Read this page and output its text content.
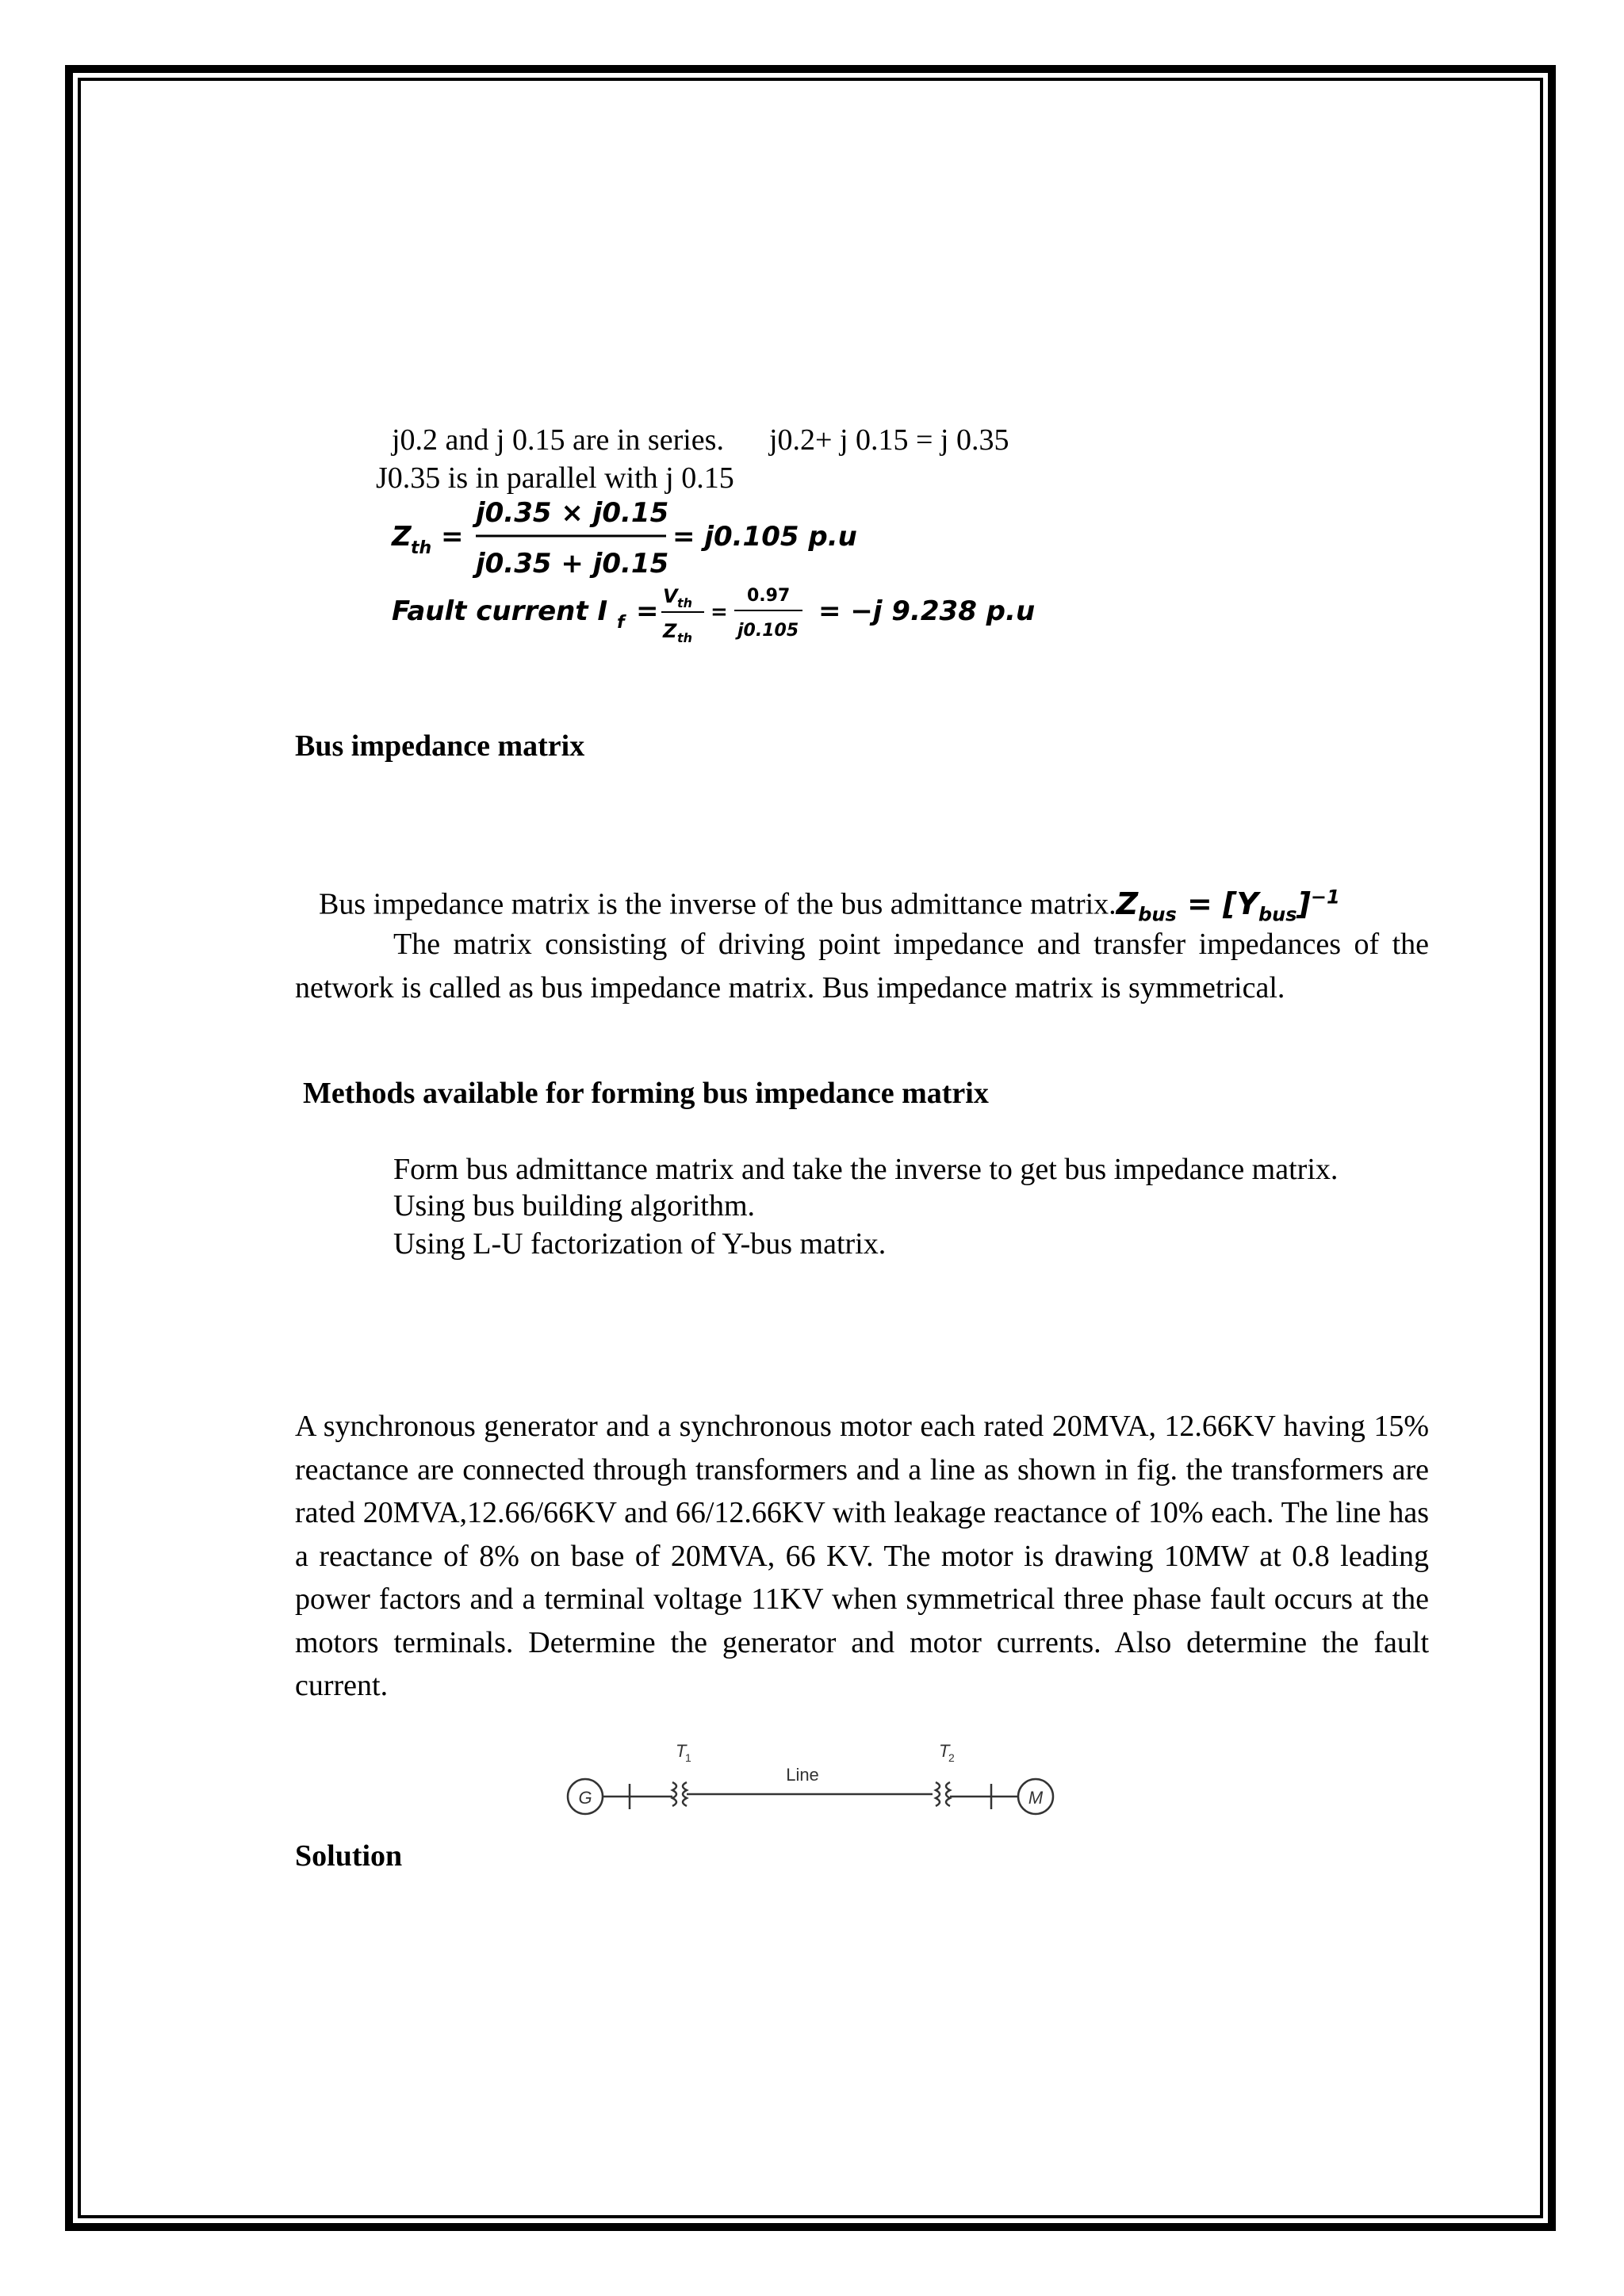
j0.2 and j 0.15 are in series. j0.2+ j 0.15 = j 0.35
J0.35 is in parallel with j 0.15
Z th =
j0.35 × j0.15
j0.35 + j0.15
= j0.105 p.u
Fault current I f = V th
Z th
=
0.97
j0.105
= −j 9.238 p.u
Bus impedance matrix
Bus impedance matrix is the inverse of the bus admittance $matrix.Z_{bus} = [Y_{bus}]^{-1}$

The matrix consisting of driving point impedance and transfer impedances of the network is called as bus impedance matrix. Bus impedance matrix is symmetrical.

Methods available for forming bus impedance matrix
Form bus admittance matrix and take the inverse to get bus impedance matrix.
Using bus building algorithm.
Using L-U factorization of Y-bus matrix.

A synchronous generator and a synchronous motor each rated 20MVA, 12.66KV having 15% reactance are connected through transformers and a line as shown in fig. the transformers are rated 20MVA,12.66/66KV and 66/12.66KV with leakage reactance of 10% each. The line has a reactance of 8% on base of 20MVA, 66 KV. The motor is drawing 10MW at 0.8 leading power factors and a terminal voltage 11KV when symmetrical three phase fault occurs at the motors terminals. Determine the generator and motor currents. Also determine the fault current.

G
T
1
Line
T
2
M
Solution
